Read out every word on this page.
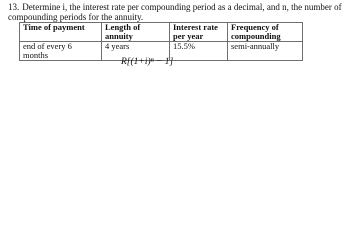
13. Determine i, the interest rate per compounding period as a decimal, and n, the number of compounding periods for the annuity.
Time of payment	Length of annuity	Interest rate per year	Frequency of compounding
end of every 6 months	4 years	15.5%	semi-annually
R[(1+i)ⁿ − 1]
